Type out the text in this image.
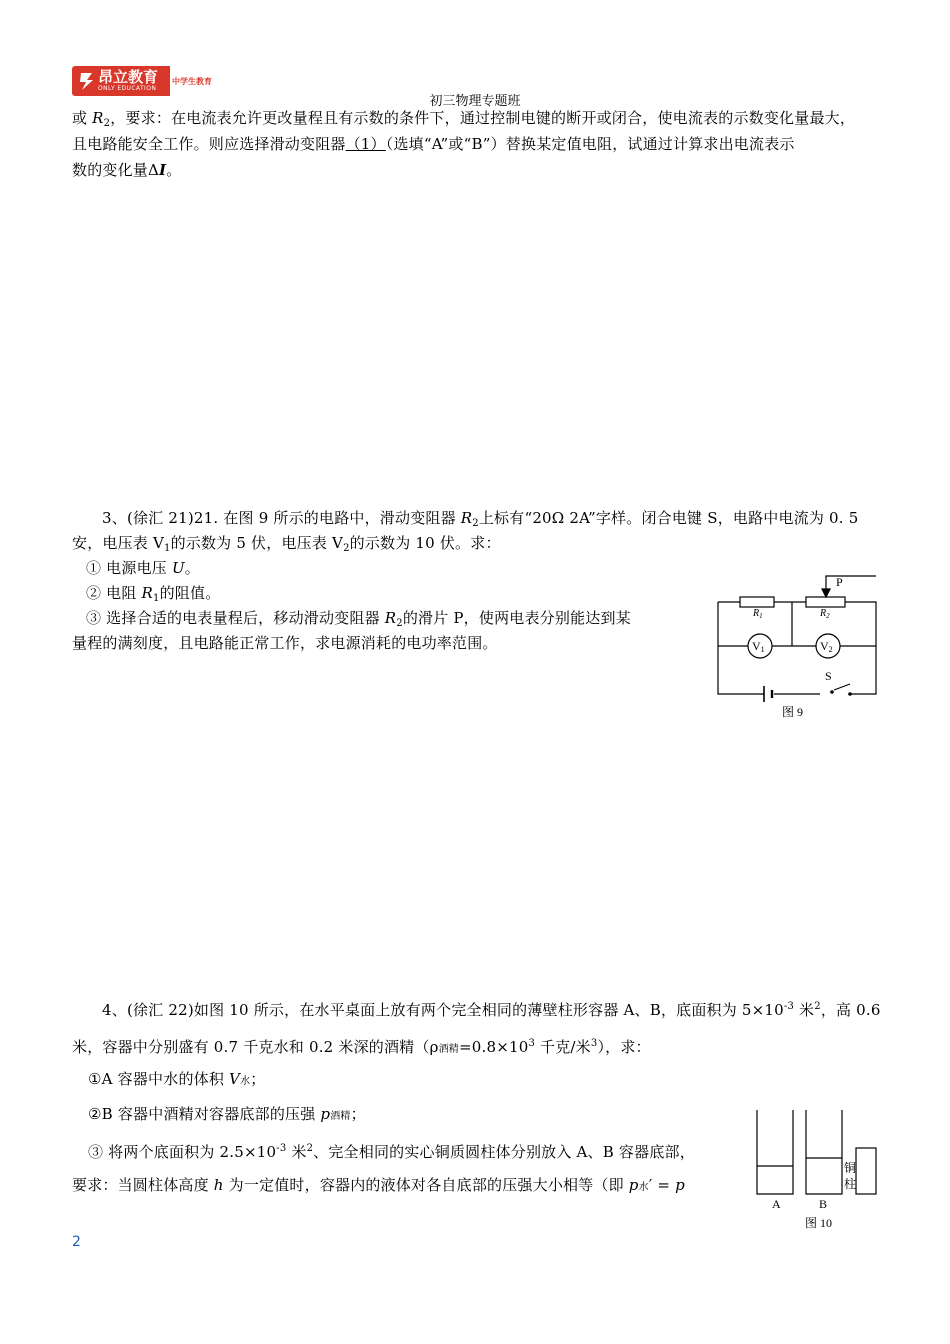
昂立教育
ONLY EDUCATION
中学生教育
初三物理专题班
或 $R_2$，要求：在电流表允许更改量程且有示数的条件下，通过控制电键的断开或闭合，使电流表的示数变化量最大，
且电路能安全工作。则应选择滑动变阻器（1）（选填“A”或“B”）替换某定值电阻，试通过计算求出电流表示
数的变化量ΔI。
3、(徐汇 21)21. 在图 9 所示的电路中，滑动变阻器 $R_2$上标有“20Ω 2A”字样。闭合电键 S，电路中电流为 0. 5
安，电压表 $V_1$的示数为 5 伏，电压表 $V_2$的示数为 10 伏。求：
① 电源电压 U。
② 电阻 $R_1$的阻值。
③ 选择合适的电表量程后，移动滑动变阻器 $R_2$的滑片 P，使两电表分别能达到某
量程的满刻度，且电路能正常工作，求电源消耗的电功率范围。
P
$R_1$	$R_2$
V1	V2
S
图 9
4、(徐汇 22)如图 10 所示，在水平桌面上放有两个完全相同的薄壁柱形容器 A、B，底面积为 $5\times 10^{-3}$ 米$^2$，高 0.6
米，容器中分别盛有 0.7 千克水和 0.2 米深的酒精（ρ酒精$=0.8\times 10^3$ 千克/米$^3$），求：
①A 容器中水的体积 V水；
②B 容器中酒精对容器底部的压强 p酒精；
③ 将两个底面积为 $2.5\times 10^{-3}$ 米$^2$、完全相同的实心铜质圆柱体分别放入 A、B 容器底部，
要求：当圆柱体高度 h 为一定值时，容器内的液体对各自底部的压强大小相等（即 p水′ = p
A	B
铜
柱
图 10
2
